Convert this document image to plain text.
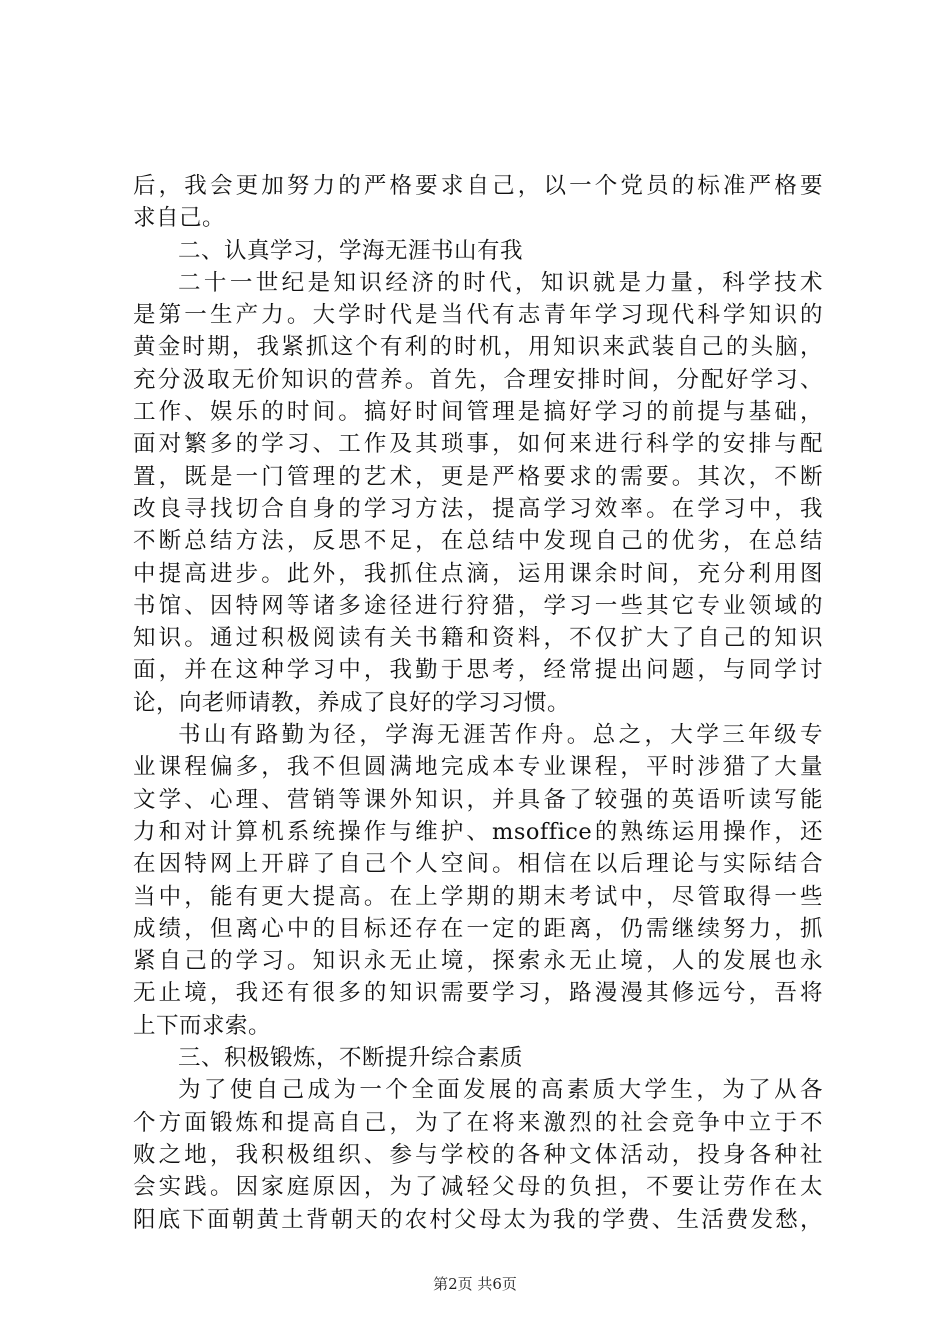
后，我会更加努力的严格要求自己，以一个党员的标准严格要
求自己。
二、认真学习，学海无涯书山有我
二十一世纪是知识经济的时代，知识就是力量，科学技术
是第一生产力。大学时代是当代有志青年学习现代科学知识的
黄金时期，我紧抓这个有利的时机，用知识来武装自己的头脑，
充分汲取无价知识的营养。首先，合理安排时间，分配好学习、
工作、娱乐的时间。搞好时间管理是搞好学习的前提与基础，
面对繁多的学习、工作及其琐事，如何来进行科学的安排与配
置，既是一门管理的艺术，更是严格要求的需要。其次，不断
改良寻找切合自身的学习方法，提高学习效率。在学习中，我
不断总结方法，反思不足，在总结中发现自己的优劣，在总结
中提高进步。此外，我抓住点滴，运用课余时间，充分利用图
书馆、因特网等诸多途径进行狩猎，学习一些其它专业领域的
知识。通过积极阅读有关书籍和资料，不仅扩大了自己的知识
面，并在这种学习中，我勤于思考，经常提出问题，与同学讨
论，向老师请教，养成了良好的学习习惯。
书山有路勤为径，学海无涯苦作舟。总之，大学三年级专
业课程偏多，我不但圆满地完成本专业课程，平时涉猎了大量
文学、心理、营销等课外知识，并具备了较强的英语听读写能
力和对计算机系统操作与维护、msoffice的熟练运用操作，还
在因特网上开辟了自己个人空间。相信在以后理论与实际结合
当中，能有更大提高。在上学期的期末考试中，尽管取得一些
成绩，但离心中的目标还存在一定的距离，仍需继续努力，抓
紧自己的学习。知识永无止境，探索永无止境，人的发展也永
无止境，我还有很多的知识需要学习，路漫漫其修远兮，吾将
上下而求索。
三、积极锻炼，不断提升综合素质
为了使自己成为一个全面发展的高素质大学生，为了从各
个方面锻炼和提高自己，为了在将来激烈的社会竞争中立于不
败之地，我积极组织、参与学校的各种文体活动，投身各种社
会实践。因家庭原因，为了减轻父母的负担，不要让劳作在太
阳底下面朝黄土背朝天的农村父母太为我的学费、生活费发愁，
第2页 共6页
